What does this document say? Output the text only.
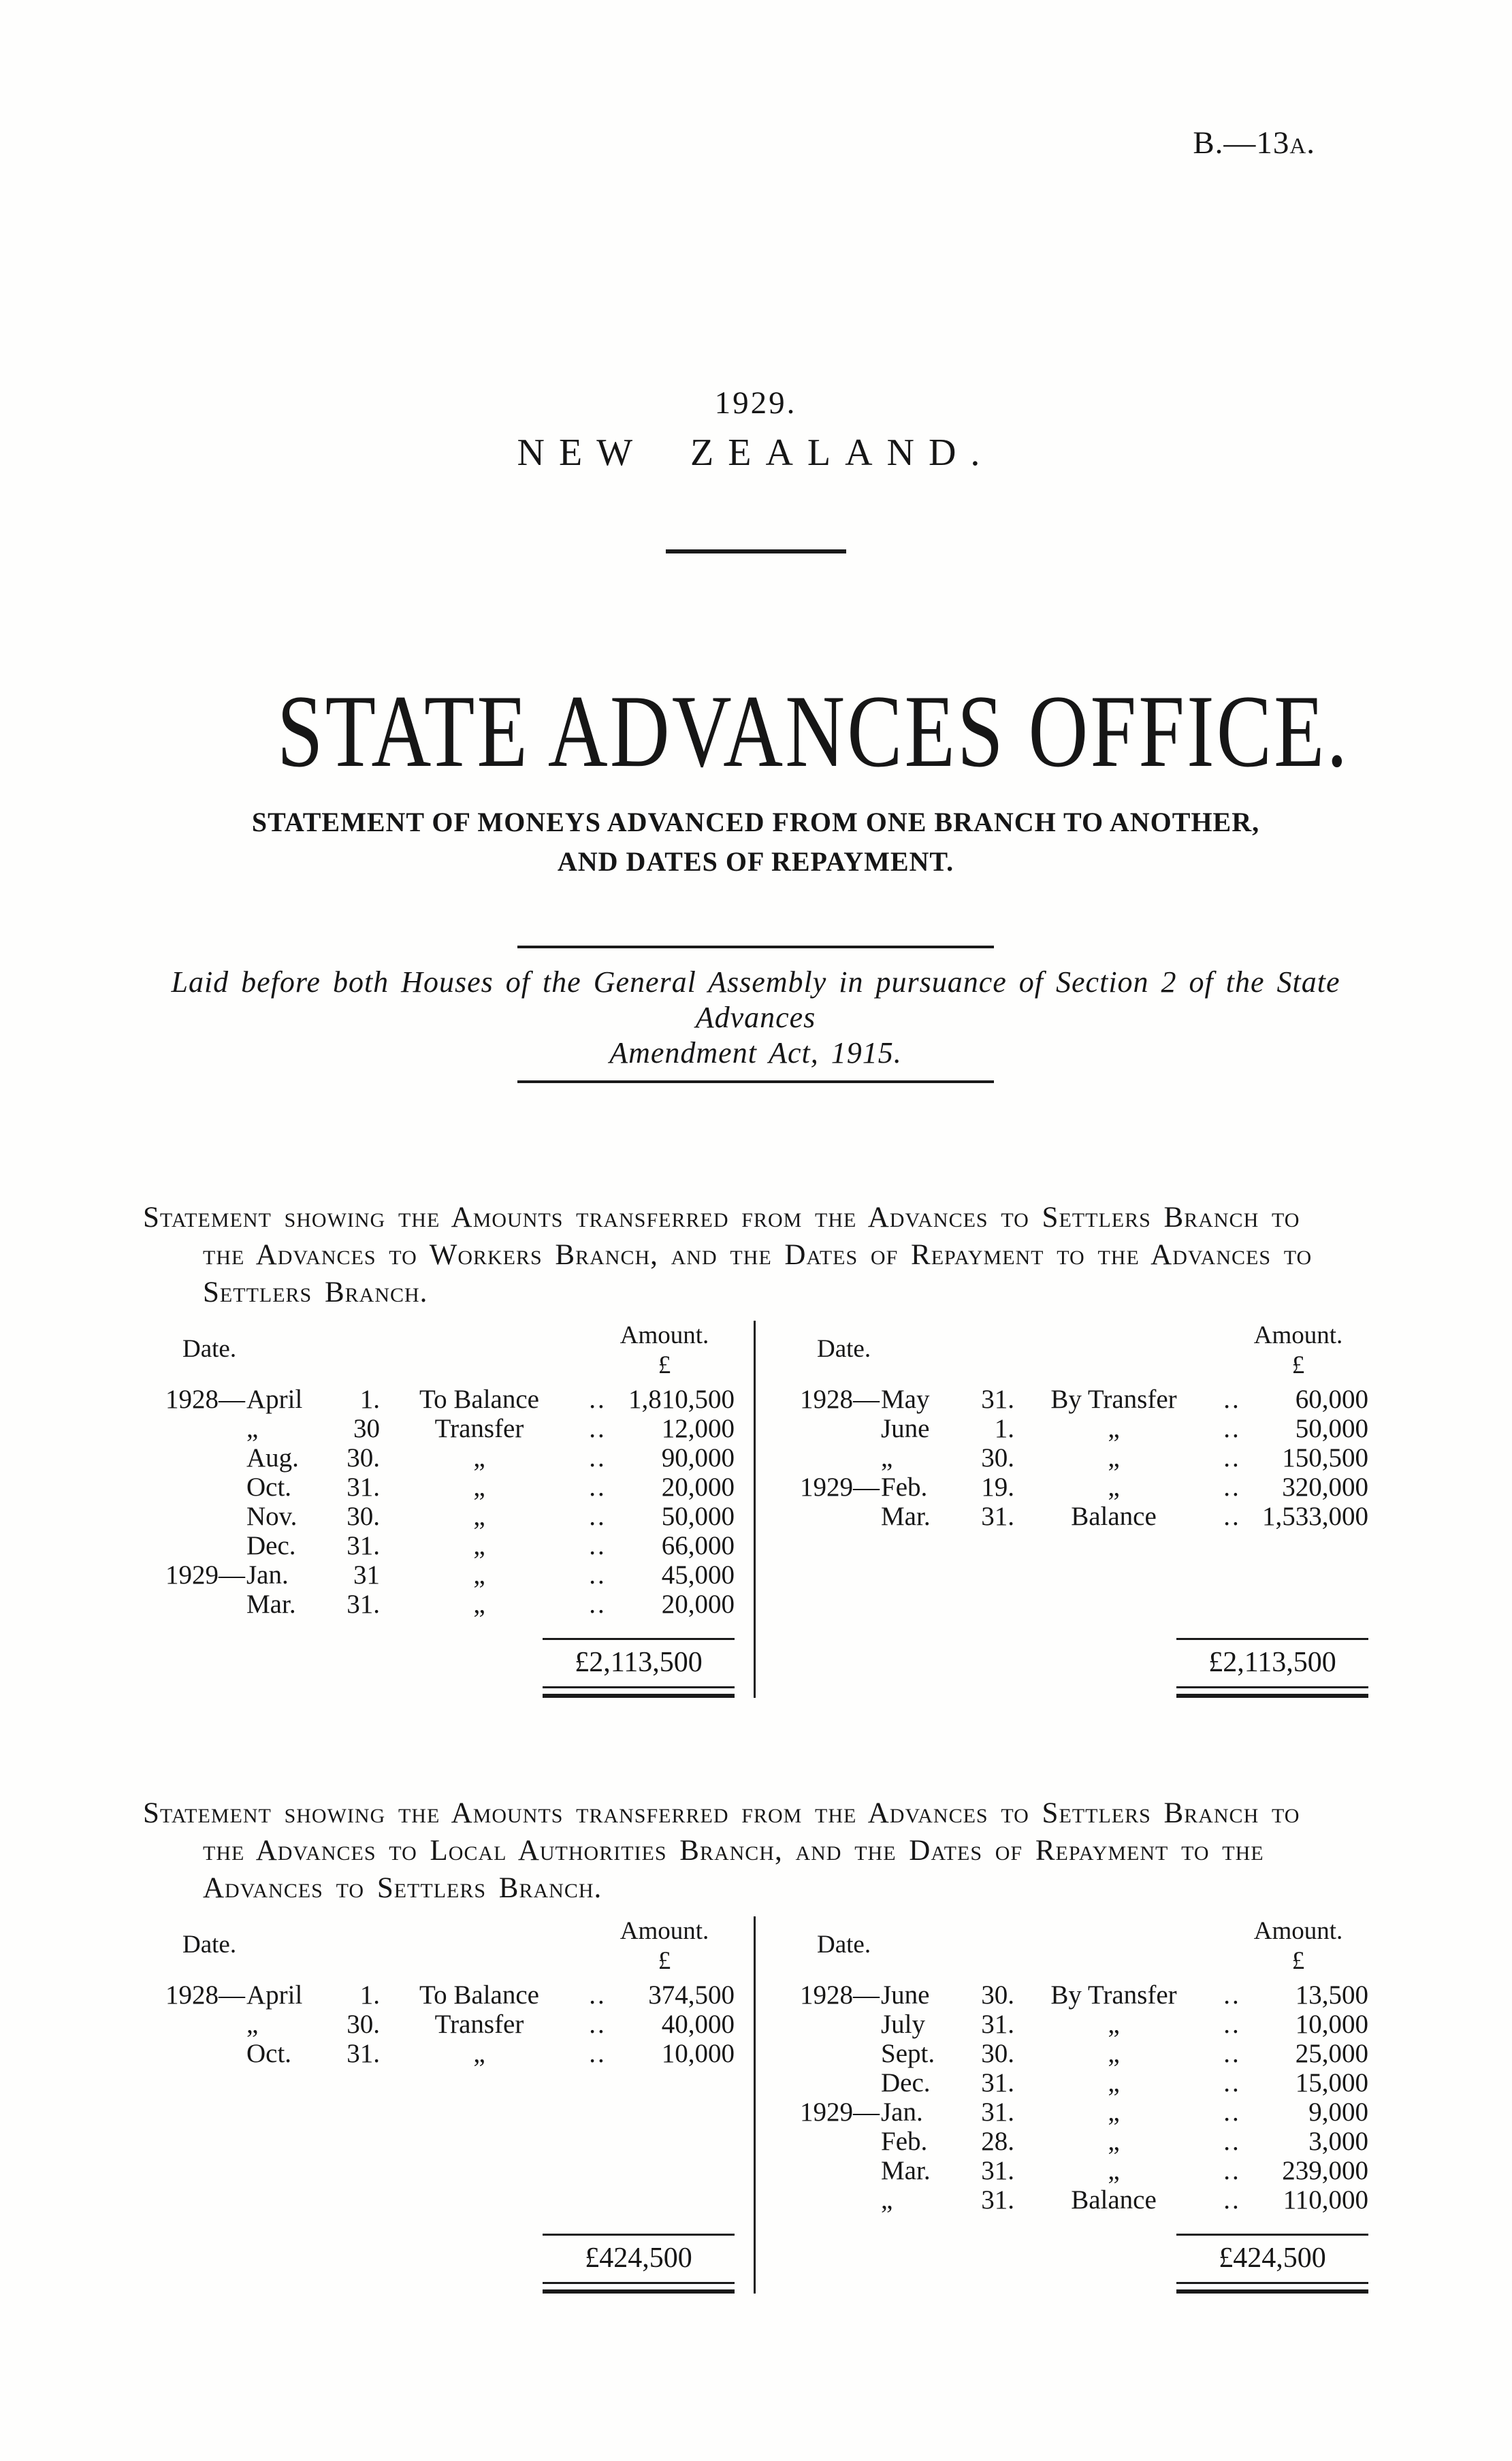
B.—13a.
1929.
NEW ZEALAND.
STATE ADVANCES OFFICE.
STATEMENT OF MONEYS ADVANCED FROM ONE BRANCH TO ANOTHER,
AND DATES OF REPAYMENT.
Laid before both Houses of the General Assembly in pursuance of Section 2 of the State Advances
Amendment Act, 1915.

Statement showing the Amounts transferred from the Advances to Settlers Branch to
the Advances to Workers Branch, and the Dates of Repayment to the Advances to
Settlers Branch.

Date.	Amount.
£
1928— April	1.	To Balance	.. 1,810,500
„	30	Transfer	..	12,000
Aug.	30.	„	..	90,000
Oct.	31.	„	..	20,000
Nov.	30.	„	..	50,000
Dec.	31.	„	..	66,000
1929— Jan.	31	„	..	45,000
Mar.	31.	„	..	20,000
£2,113,500
Date.	Amount.
£
1928— May	31.	By Transfer	..	60,000
June	1.	„	..	50,000
„	30.	„	..	150,500
1929— Feb.	19.	„	..	320,000
Mar.	31.	Balance	.. 1,533,000
£2,113,500

Statement showing the Amounts transferred from the Advances to Settlers Branch to
the Advances to Local Authorities Branch, and the Dates of Repayment to the
Advances to Settlers Branch.

Date.	Amount.
£
1928— April	1.	To Balance	..	374,500
„	30.	Transfer	..	40,000
Oct.	31.	„	..	10,000
£424,500
Date.	Amount.
£
1928— June	30.	By Transfer	..	13,500
July	31.	„	..	10,000
Sept.	30.	„	..	25,000
Dec.	31.	„	..	15,000
1929— Jan.	31.	„	..	9,000
Feb.	28.	„	..	3,000
Mar.	31.	„	..	239,000
„	31.	Balance	..	110,000
£424,500
